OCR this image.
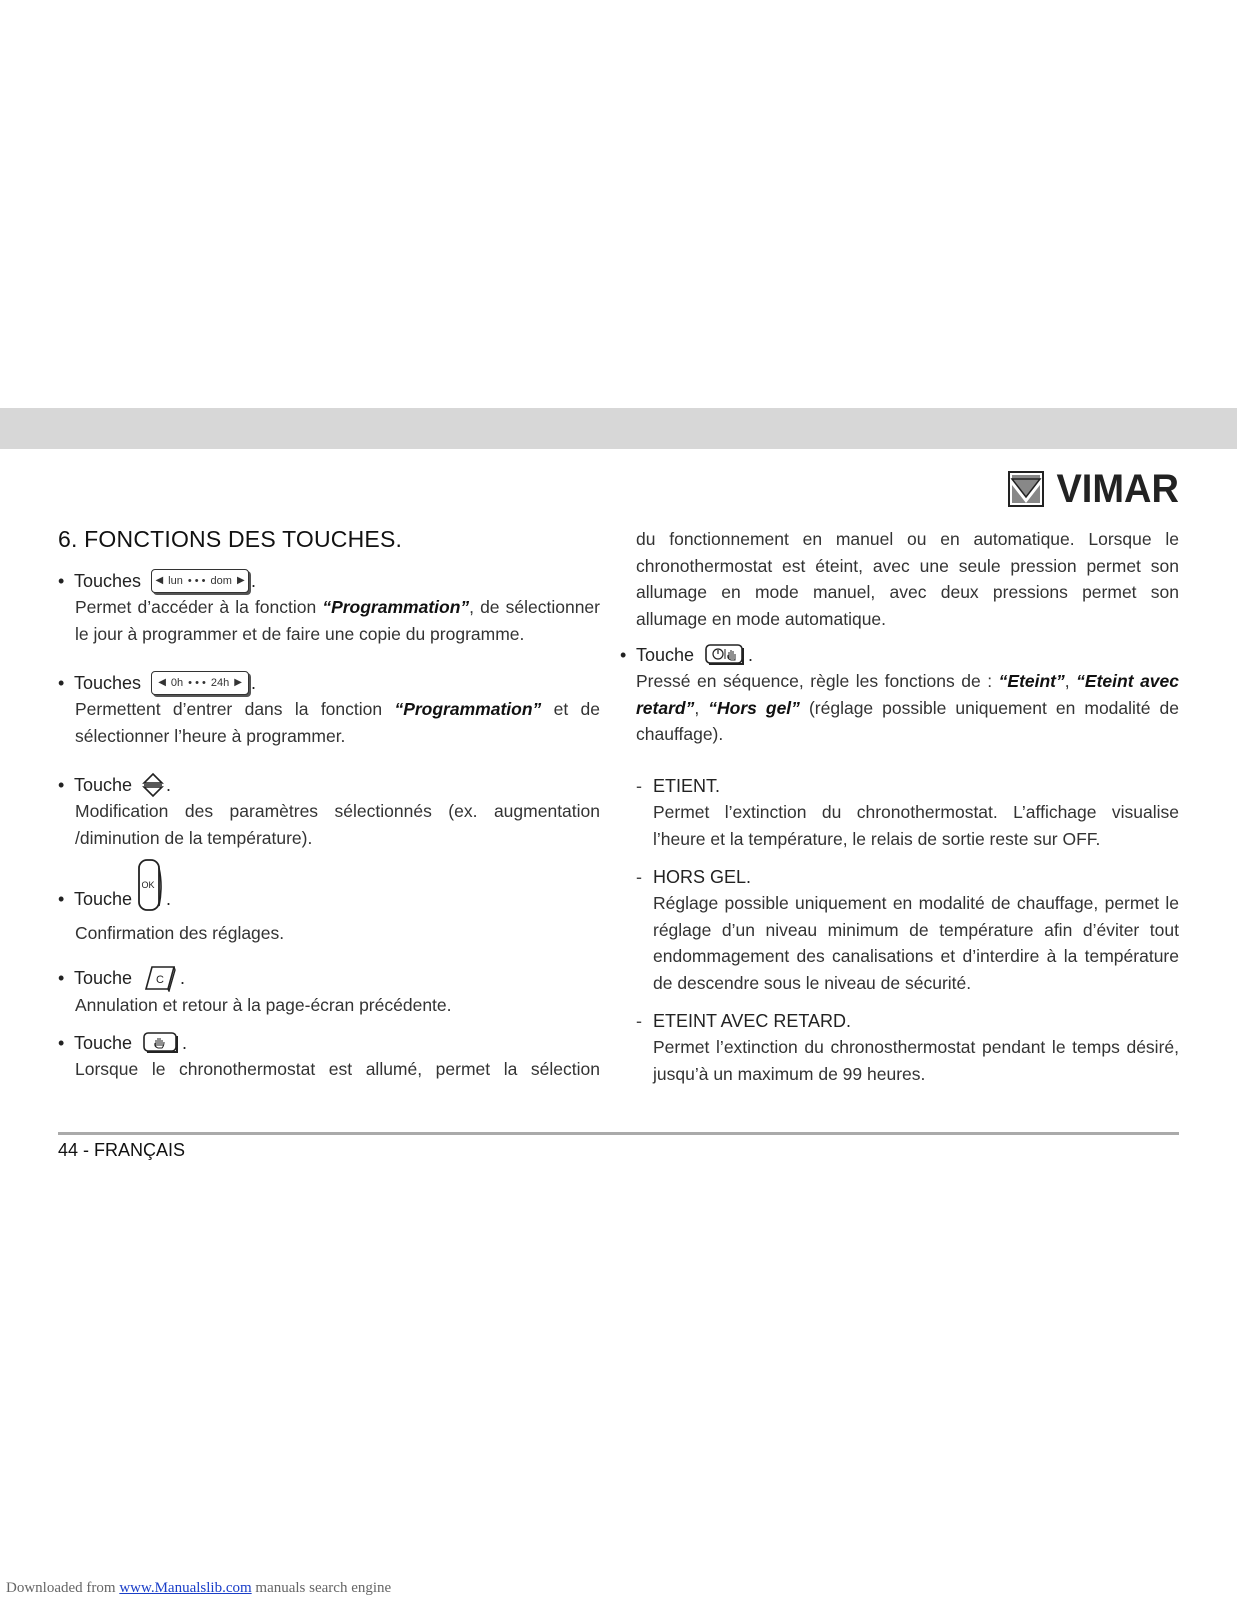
VIMAR
6. FONCTIONS DES TOUCHES.
• Touches ◀ lun • • • dom ▶ .
Permet d’accéder à la fonction “Programmation”, de sélectionner le jour à programmer et de faire une copie du programme.
• Touches ◀ 0h • • • 24h ▶ .
Permettent d’entrer dans la fonction “Programmation” et de sélectionner l’heure à programmer.
• Touche .
Modification des paramètres sélectionnés (ex. augmentation /diminution de la température).
• Touche
OK
.
Confirmation des réglages.
• Touche C .
Annulation et retour à la page-écran précédente.
• Touche	.
Lorsque le chronothermostat est allumé, permet la sélection
du fonctionnement en manuel ou en automatique. Lorsque le chronothermostat est éteint, avec une seule pression permet son allumage en mode manuel, avec deux pressions permet son allumage en mode automatique.
• Touche	.
Pressé en séquence, règle les fonctions de : “Eteint”, “Eteint avec retard”, “Hors gel” (réglage possible uniquement en modalité de chauffage).
- ETIENT.
Permet l’extinction du chronothermostat. L’affichage visualise l’heure et la température, le relais de sortie reste sur OFF.
- HORS GEL.
Réglage possible uniquement en modalité de chauffage, permet le réglage d’un niveau minimum de température afin d’éviter tout endommagement des canalisations et d’interdire à la température de descendre sous le niveau de sécurité.
- ETEINT AVEC RETARD.
Permet l’extinction du chronosthermostat pendant le temps désiré, jusqu’à un maximum de 99 heures.
44 - FRANÇAIS
Downloaded from www.Manualslib.com manuals search engine
